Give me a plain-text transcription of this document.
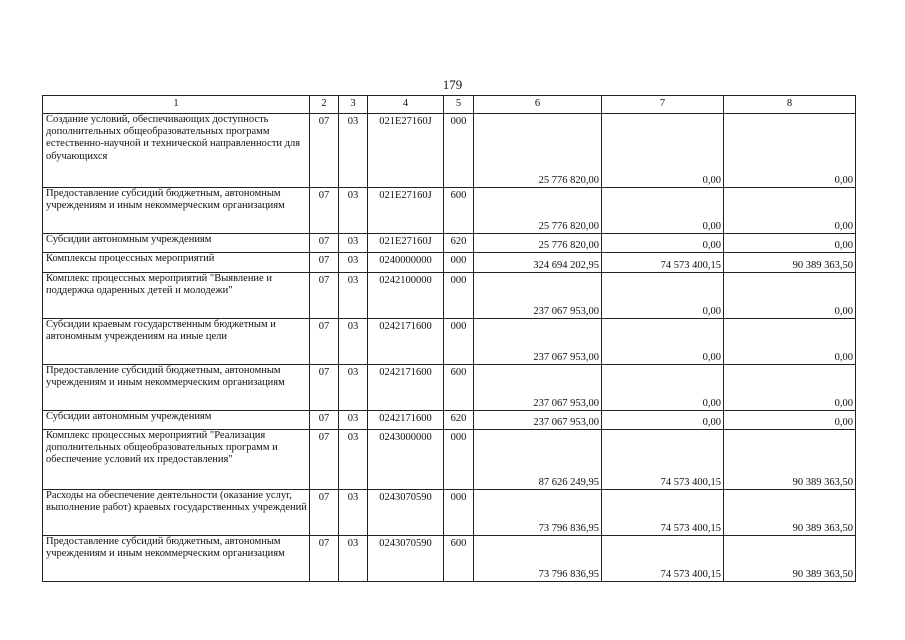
179
1	2	3	4	5	6	7	8
Создание условий, обеспечивающих доступность дополнительных общеобразовательных программ естественно-научной и технической направленности для обучающихся	07	03	021E27160J	000	25 776 820,00	0,00	0,00
Предоставление субсидий бюджетным, автономным учреждениям и иным некоммерческим организациям	07	03	021E27160J	600	25 776 820,00	0,00	0,00
Субсидии автономным учреждениям	07	03	021E27160J	620	25 776 820,00	0,00	0,00
Комплексы процессных мероприятий	07	03	0240000000	000	324 694 202,95	74 573 400,15	90 389 363,50
Комплекс процессных мероприятий "Выявление и поддержка одаренных детей и молодежи"	07	03	0242100000	000	237 067 953,00	0,00	0,00
Субсидии краевым государственным бюджетным и автономным учреждениям на иные цели	07	03	0242171600	000	237 067 953,00	0,00	0,00
Предоставление субсидий бюджетным, автономным учреждениям и иным некоммерческим организациям	07	03	0242171600	600	237 067 953,00	0,00	0,00
Субсидии автономным учреждениям	07	03	0242171600	620	237 067 953,00	0,00	0,00
Комплекс процессных мероприятий "Реализация дополнительных общеобразовательных программ и обеспечение условий их предоставления"	07	03	0243000000	000	87 626 249,95	74 573 400,15	90 389 363,50
Расходы на обеспечение деятельности (оказание услуг, выполнение работ) краевых государственных учреждений	07	03	0243070590	000	73 796 836,95	74 573 400,15	90 389 363,50
Предоставление субсидий бюджетным, автономным учреждениям и иным некоммерческим организациям	07	03	0243070590	600	73 796 836,95	74 573 400,15	90 389 363,50
